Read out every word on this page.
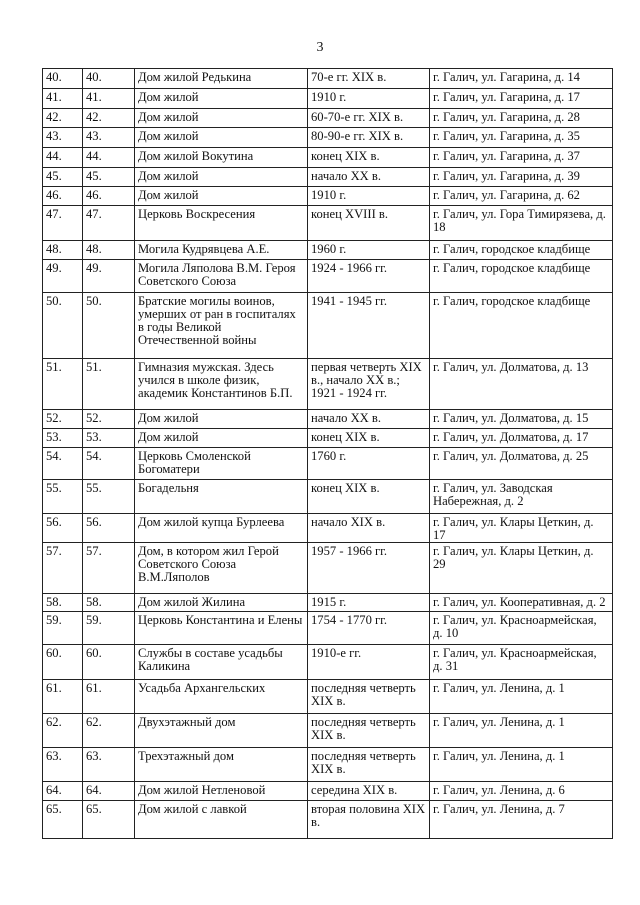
3
40.	40.	Дом жилой Редькина	70-е гг. XIX в.	г. Галич, ул. Гагарина, д. 14
41.	41.	Дом жилой	1910 г.	г. Галич, ул. Гагарина, д. 17
42.	42.	Дом жилой	60-70-е гг. XIX в.	г. Галич, ул. Гагарина, д. 28
43.	43.	Дом жилой	80-90-е гг. XIX в.	г. Галич, ул. Гагарина, д. 35
44.	44.	Дом жилой Вокутина	конец XIX в.	г. Галич, ул. Гагарина, д. 37
45.	45.	Дом жилой	начало XX в.	г. Галич, ул. Гагарина, д. 39
46.	46.	Дом жилой	1910 г.	г. Галич, ул. Гагарина, д. 62
47.	47.	Церковь Воскресения	конец XVIII в.	г. Галич, ул. Гора Тимирязева, д. 18
48.	48.	Могила Кудрявцева А.Е.	1960 г.	г. Галич, городское кладбище
49.	49.	Могила Ляполова В.М. Героя Советского Союза	1924 - 1966 гг.	г. Галич, городское кладбище
50.	50.	Братские могилы воинов, умерших от ран в госпиталях в годы Великой Отечественной войны	1941 - 1945 гг.	г. Галич, городское кладбище
51.	51.	Гимназия мужская. Здесь учился в школе физик, академик Константинов Б.П.	первая четверть XIX в., начало XX в.; 1921 - 1924 гг.	г. Галич, ул. Долматова, д. 13
52.	52.	Дом жилой	начало XX в.	г. Галич, ул. Долматова, д. 15
53.	53.	Дом жилой	конец XIX в.	г. Галич, ул. Долматова, д. 17
54.	54.	Церковь Смоленской Богоматери	1760 г.	г. Галич, ул. Долматова, д. 25
55.	55.	Богадельня	конец XIX в.	г. Галич, ул. Заводская Набережная, д. 2
56.	56.	Дом жилой купца Бурлеева	начало XIX в.	г. Галич, ул. Клары Цеткин, д. 17
57.	57.	Дом, в котором жил Герой Советского Союза В.М.Ляполов	1957 - 1966 гг.	г. Галич, ул. Клары Цеткин, д. 29
58.	58.	Дом жилой Жилина	1915 г.	г. Галич, ул. Кооперативная, д. 2
59.	59.	Церковь Константина и Елены	1754 - 1770 гг.	г. Галич, ул. Красноармейская, д. 10
60.	60.	Службы в составе усадьбы Каликина	1910-е гг.	г. Галич, ул. Красноармейская, д. 31
61.	61.	Усадьба Архангельских	последняя четверть XIX в.	г. Галич, ул. Ленина, д. 1
62.	62.	Двухэтажный дом	последняя четверть XIX в.	г. Галич, ул. Ленина, д. 1
63.	63.	Трехэтажный дом	последняя четверть XIX в.	г. Галич, ул. Ленина, д. 1
64.	64.	Дом жилой Нетленовой	середина XIX в.	г. Галич, ул. Ленина, д. 6
65.	65.	Дом жилой с лавкой	вторая половина XIX в.	г. Галич, ул. Ленина, д. 7
